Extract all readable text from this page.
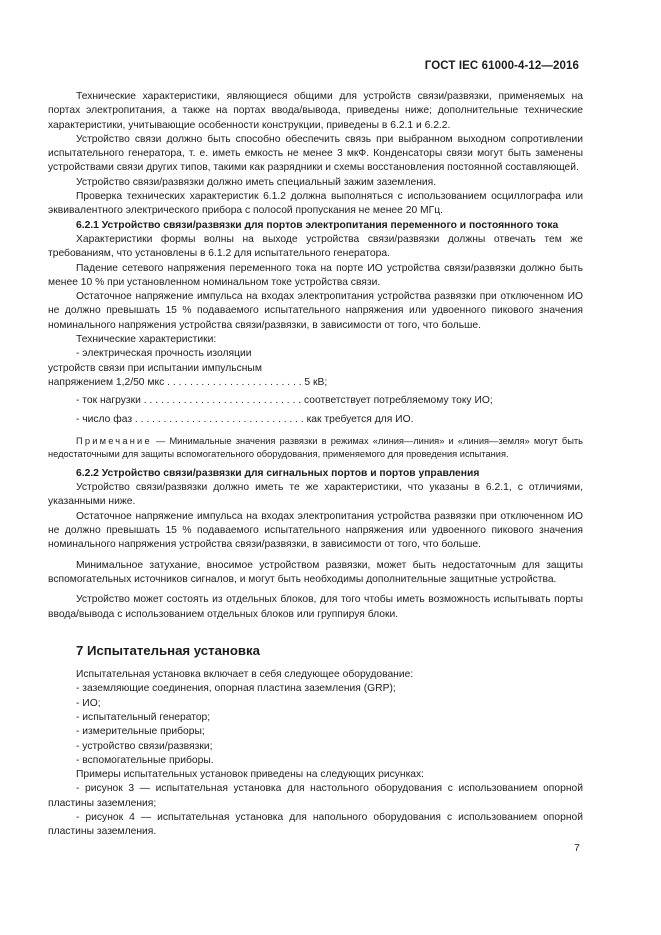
ГОСТ IEC 61000-4-12—2016

Технические характеристики, являющиеся общими для устройств связи/развязки, применяемых на портах электропитания, а также на портах ввода/вывода, приведены ниже; дополнительные технические характеристики, учитывающие особенности конструкции, приведены в 6.2.1 и 6.2.2.

Устройство связи должно быть способно обеспечить связь при выбранном выходном сопротивлении испытательного генератора, т. е. иметь емкость не менее 3 мкФ. Конденсаторы связи могут быть заменены устройствами связи других типов, такими как разрядники и схемы восстановления постоянной составляющей.

Устройство связи/развязки должно иметь специальный зажим заземления.

Проверка технических характеристик 6.1.2 должна выполняться с использованием осциллографа или эквивалентного электрического прибора с полосой пропускания не менее 20 МГц.

6.2.1 Устройство связи/развязки для портов электропитания переменного и постоянного тока

Характеристики формы волны на выходе устройства связи/развязки должны отвечать тем же требованиям, что установлены в 6.1.2 для испытательного генератора.

Падение сетевого напряжения переменного тока на порте ИО устройства связи/развязки должно быть менее 10 % при установленном номинальном токе устройства связи.

Остаточное напряжение импульса на входах электропитания устройства развязки при отключенном ИО не должно превышать 15 % подаваемого испытательного напряжения или удвоенного пикового значения номинального напряжения устройства связи/развязки, в зависимости от того, что больше.

Технические характеристики:

- электрическая прочность изоляции

устройств связи при испытании импульсным

напряжением 1,2/50 мкс . . . . . . . . . . . . . . . . . . . . . . . . 5 кВ;

- ток нагрузки . . . . . . . . . . . . . . . . . . . . . . . . . . . . соответствует потребляемому току ИО;

- число фаз . . . . . . . . . . . . . . . . . . . . . . . . . . . . . . как требуется для ИО.

Примечание — Минимальные значения развязки в режимах «линия—линия» и «линия—земля» могут быть недостаточными для защиты вспомогательного оборудования, применяемого для проведения испытания.

6.2.2 Устройство связи/развязки для сигнальных портов и портов управления

Устройство связи/развязки должно иметь те же характеристики, что указаны в 6.2.1, с отличиями, указанными ниже.

Остаточное напряжение импульса на входах электропитания устройства развязки при отключенном ИО не должно превышать 15 % подаваемого испытательного напряжения или удвоенного пикового значения номинального напряжения устройства связи/развязки, в зависимости от того, что больше.

Минимальное затухание, вносимое устройством развязки, может быть недостаточным для защиты вспомогательных источников сигналов, и могут быть необходимы дополнительные защитные устройства.

Устройство может состоять из отдельных блоков, для того чтобы иметь возможность испытывать порты ввода/вывода с использованием отдельных блоков или группируя блоки.

7 Испытательная установка

Испытательная установка включает в себя следующее оборудование:

- заземляющие соединения, опорная пластина заземления (GRP);

- ИО;

- испытательный генератор;

- измерительные приборы;

- устройство связи/развязки;

- вспомогательные приборы.

Примеры испытательных установок приведены на следующих рисунках:

- рисунок 3 — испытательная установка для настольного оборудования с использованием опорной пластины заземления;

- рисунок 4 — испытательная установка для напольного оборудования с использованием опорной пластины заземления.

7
